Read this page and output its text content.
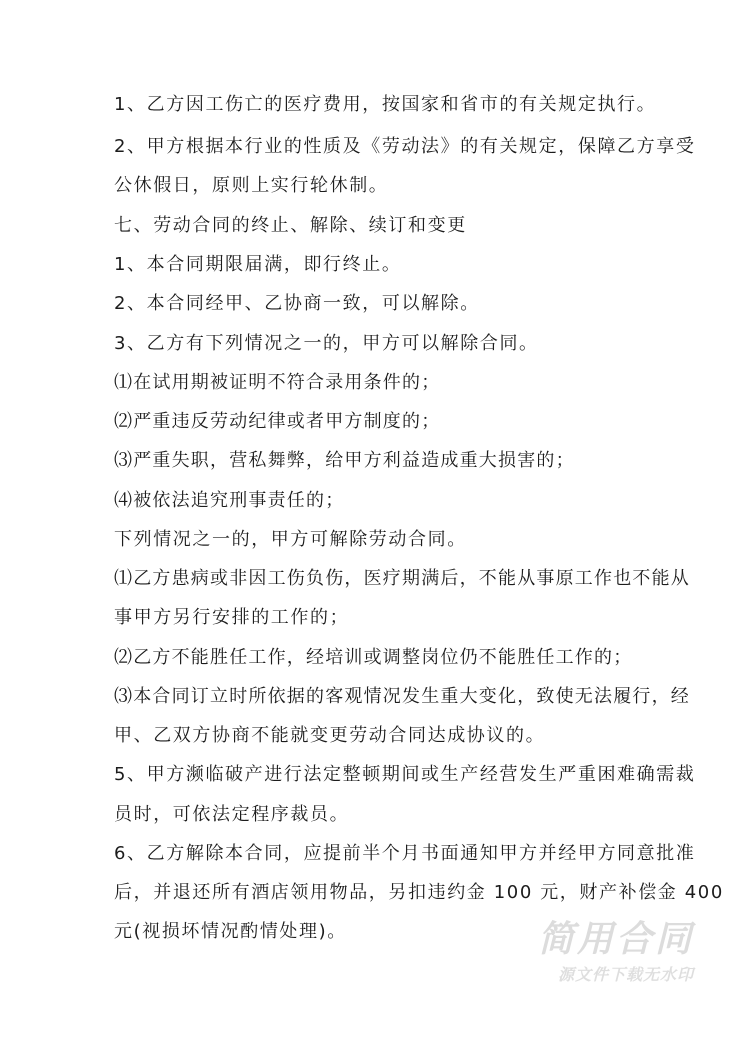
1、乙方因工伤亡的医疗费用，按国家和省市的有关规定执行。
2、甲方根据本行业的性质及《劳动法》的有关规定，保障乙方享受
公休假日，原则上实行轮休制。
七、劳动合同的终止、解除、续订和变更
1、本合同期限届满，即行终止。
2、本合同经甲、乙协商一致，可以解除。
3、乙方有下列情况之一的，甲方可以解除合同。
⑴在试用期被证明不符合录用条件的；
⑵严重违反劳动纪律或者甲方制度的；
⑶严重失职，营私舞弊，给甲方利益造成重大损害的；
⑷被依法追究刑事责任的；
下列情况之一的，甲方可解除劳动合同。
⑴乙方患病或非因工伤负伤，医疗期满后，不能从事原工作也不能从
事甲方另行安排的工作的；
⑵乙方不能胜任工作，经培训或调整岗位仍不能胜任工作的；
⑶本合同订立时所依据的客观情况发生重大变化，致使无法履行，经
甲、乙双方协商不能就变更劳动合同达成协议的。
5、甲方濒临破产进行法定整顿期间或生产经营发生严重困难确需裁
员时，可依法定程序裁员。
6、乙方解除本合同，应提前半个月书面通知甲方并经甲方同意批准
后，并退还所有酒店领用物品，另扣违约金 100 元，财产补偿金 400
元(视损坏情况酌情处理)。	简用合同
源文件下载无水印
